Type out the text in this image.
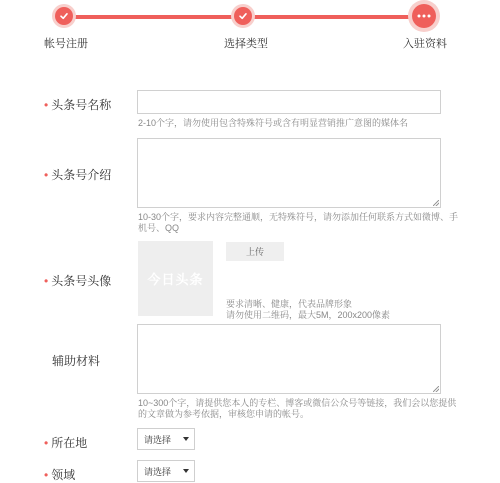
帐号注册	选择类型	入驻资料
• 头条号名称
2-10个字，请勿使用包含特殊符号或含有明显营销推广意图的媒体名
• 头条号介绍
10-30个字，要求内容完整通顺，无特殊符号，请勿添加任何联系方式如微博、手
机号、QQ
• 头条号头像	今日头条
上传
要求清晰、健康，代表品牌形象
请勿使用二维码，最大5M，200x200像素
辅助材料
10~300个字，请提供您本人的专栏、博客或微信公众号等链接，我们会以您提供
的文章做为参考依据，审核您申请的帐号。
• 所在地	请选择
• 领域	请选择
